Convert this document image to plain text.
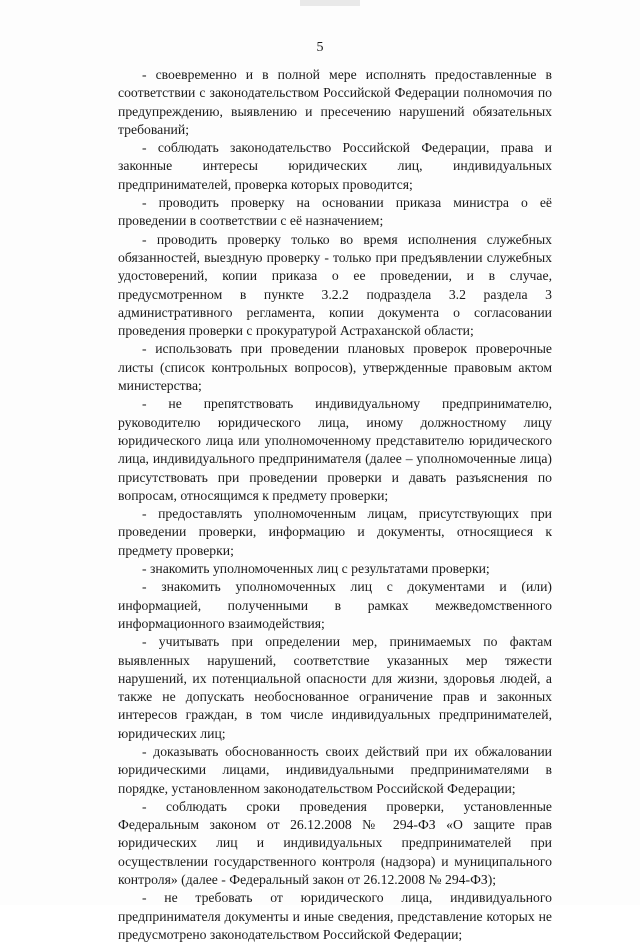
5

- своевременно и в полной мере исполнять предоставленные в соответствии с законодательством Российской Федерации полномочия по предупреждению, выявлению и пресечению нарушений обязательных требований;

- соблюдать законодательство Российской Федерации, права и законные интересы юридических лиц, индивидуальных предпринимателей, проверка которых проводится;

- проводить проверку на основании приказа министра о её проведении в соответствии с её назначением;

- проводить проверку только во время исполнения служебных обязанностей, выездную проверку - только при предъявлении служебных удостоверений, копии приказа о ее проведении, и в случае, предусмотренном в пункте 3.2.2 подраздела 3.2 раздела 3 административного регламента, копии документа о согласовании проведения проверки с прокуратурой Астраханской области;

- использовать при проведении плановых проверок проверочные листы (список контрольных вопросов), утвержденные правовым актом министерства;

- не препятствовать индивидуальному предпринимателю, руководителю юридического лица, иному должностному лицу юридического лица или уполномоченному представителю юридического лица, индивидуального предпринимателя (далее – уполномоченные лица) присутствовать при проведении проверки и давать разъяснения по вопросам, относящимся к предмету проверки;

- предоставлять уполномоченным лицам, присутствующих при проведении проверки, информацию и документы, относящиеся к предмету проверки;

- знакомить уполномоченных лиц с результатами проверки;

- знакомить уполномоченных лиц с документами и (или) информацией, полученными в рамках межведомственного информационного взаимодействия;

- учитывать при определении мер, принимаемых по фактам выявленных нарушений, соответствие указанных мер тяжести нарушений, их потенциальной опасности для жизни, здоровья людей, а также не допускать необоснованное ограничение прав и законных интересов граждан, в том числе индивидуальных предпринимателей, юридических лиц;

- доказывать обоснованность своих действий при их обжаловании юридическими лицами, индивидуальными предпринимателями в порядке, установленном законодательством Российской Федерации;

- соблюдать сроки проведения проверки, установленные Федеральным законом от 26.12.2008 № 294-ФЗ «О защите прав юридических лиц и индивидуальных предпринимателей при осуществлении государственного контроля (надзора) и муниципального контроля» (далее - Федеральный закон от 26.12.2008 № 294-ФЗ);

- не требовать от юридического лица, индивидуального предпринимателя документы и иные сведения, представление которых не предусмотрено законодательством Российской Федерации;
